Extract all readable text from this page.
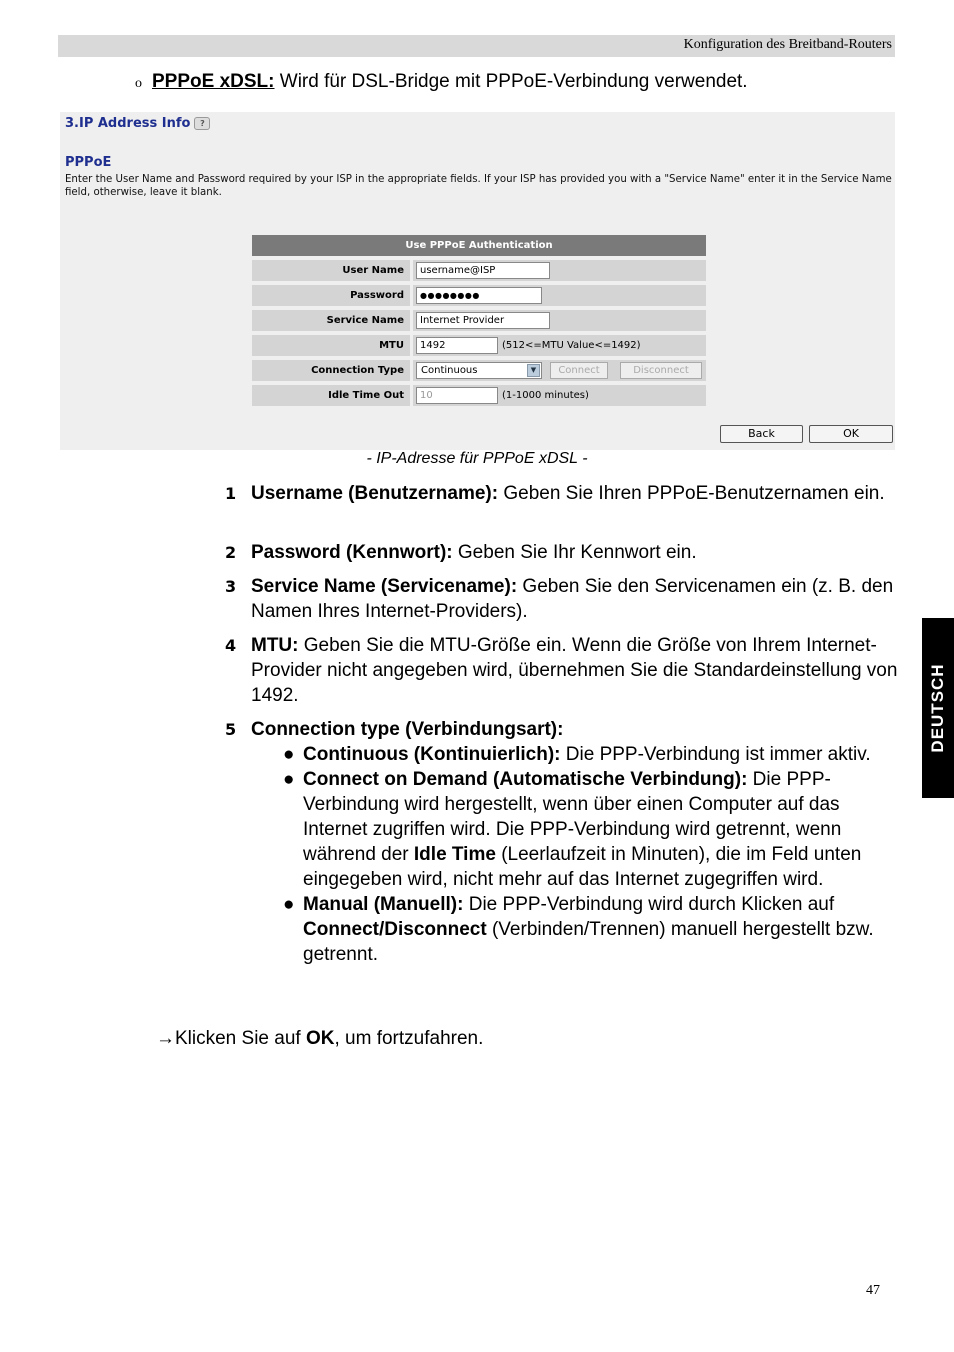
Konfiguration des Breitband-Routers
o PPPoE xDSL: Wird für DSL-Bridge mit PPPoE-Verbindung verwendet.
3.IP Address Info ?
PPPoE
Enter the User Name and Password required by your ISP in the appropriate fields. If your ISP has provided you with a "Service Name" enter it in the Service Name field, otherwise, leave it blank.
Use PPPoE Authentication
User Name	username@ISP
Password	●●●●●●●●
Service Name	Internet Provider
MTU	1492	(512<=MTU Value<=1492)
Connection Type	Continuous	▼	Connect	Disconnect
Idle Time Out	10	(1-1000 minutes)
Back	OK
- IP-Adresse für PPPoE xDSL -
1 Username (Benutzername): Geben Sie Ihren PPPoE-Benutzernamen ein.
2 Password (Kennwort): Geben Sie Ihr Kennwort ein.
3 Service Name (Servicename): Geben Sie den Servicenamen ein (z. B. den Namen Ihres Internet-Providers).
4 MTU: Geben Sie die MTU-Größe ein. Wenn die Größe von Ihrem Internet-Provider nicht angegeben wird, übernehmen Sie die Standardeinstellung von 1492.
5 Connection type (Verbindungsart):
● Continuous (Kontinuierlich): Die PPP-Verbindung ist immer aktiv.
● Connect on Demand (Automatische Verbindung): Die PPP-Verbindung wird hergestellt, wenn über einen Computer auf das Internet zugriffen wird. Die PPP-Verbindung wird getrennt, wenn während der Idle Time (Leerlaufzeit in Minuten), die im Feld unten eingegeben wird, nicht mehr auf das Internet zugegriffen wird.
● Manual (Manuell): Die PPP-Verbindung wird durch Klicken auf Connect/Disconnect (Verbinden/Trennen) manuell hergestellt bzw. getrennt.
→Klicken Sie auf OK, um fortzufahren.
DEUTSCH
47
